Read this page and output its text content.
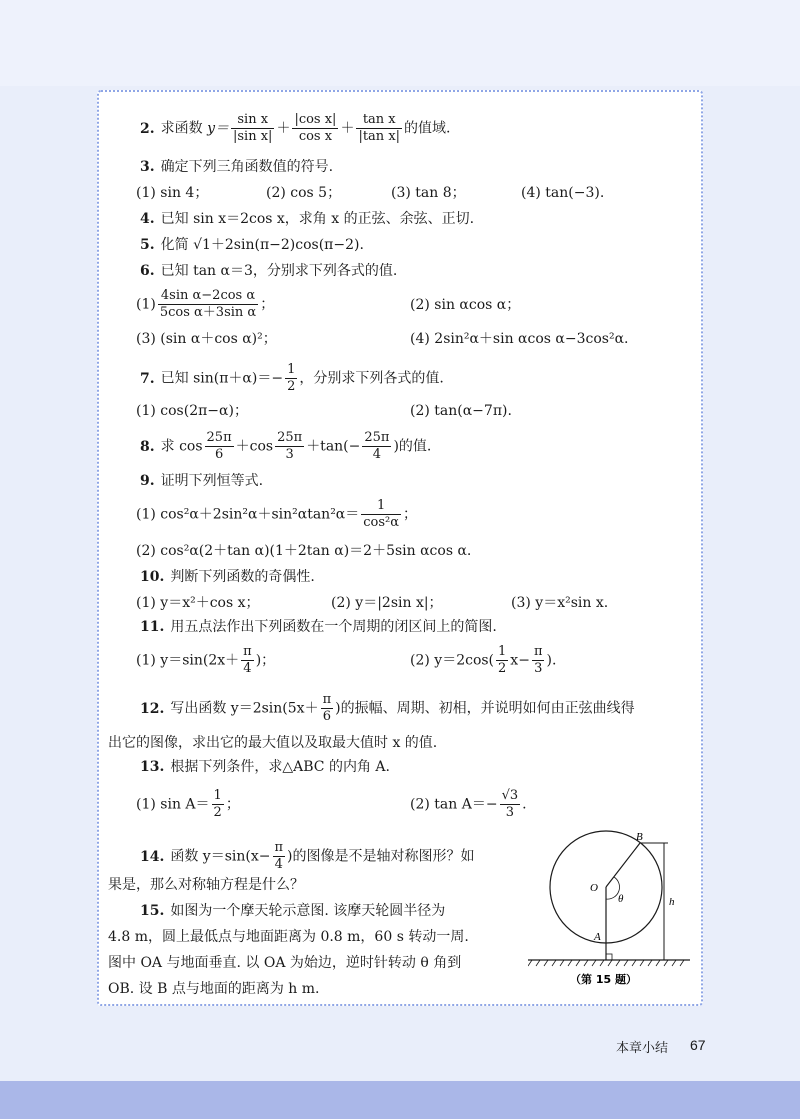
2. 求函数 $y= \frac{\text{sin x}}{\text{|sin x|}} + \frac{\text{|cos x|}}{\text{cos x}} + \frac{\text{tan x}}{\text{|tan x|}}$ 的值域.
3. 确定下列三角函数值的符号.
(1) sin 4；	(2) cos 5；	(3) tan 8；	(4) tan(−3).
4. 已知 sin x＝2cos x，求角 x 的正弦、余弦、正切.
5. 化简 √1＋2sin(π−2)cos(π−2).
6. 已知 tan α＝3，分别求下列各式的值.
$(1) \frac{\text{4sin α−2cos α}}{\text{5cos α＋3sin α}}$ ；	(2) sin αcos α；
(3) (sin α＋cos α)²；	(4) 2sin²α＋sin αcos α−3cos²α.
7. 已知 $\sin(\pi+\alpha)=- \frac{1}{2}$ ，分别求下列各式的值.
(1) cos(2π−α)；	(2) tan(α−7π).
8. 求 $\cos \frac{25\pi}{6} +\cos \frac{25\pi}{3} +\tan(- \frac{25\pi}{4}$ )的值.
9. 证明下列恒等式.
(1) $\cos^2\alpha+2\sin^2\alpha+\sin^2\alpha\tan^2\alpha= \frac{1}{\text{cos²α}}$ ；
(2) cos²α(2＋tan α)(1＋2tan α)＝2＋5sin αcos α.
10. 判断下列函数的奇偶性.
(1) y＝x²＋cos x；	(2) y＝|2sin x|；	(3) y＝x²sin x.
11. 用五点法作出下列函数在一个周期的闭区间上的简图.
(1) $y=\sin(2x+ \frac{\pi}{4}$ )；	(2) $y=2\cos( \frac{1}{2} x- \frac{\pi}{3}$ ).
12. 写出函数 $y=2\sin(5x+ \frac{\pi}{6}$ )的振幅、周期、初相，并说明如何由正弦曲线得
出它的图像，求出它的最大值以及取最大值时 x 的值.
13. 根据下列条件，求△ABC 的内角 A.
(1) $\sin A= \frac{1}{2}$ ；	(2) $\tan A=- \frac{√3}{3}$ .
14. 函数 $y=\sin(x- \frac{\pi}{4}$ )的图像是不是轴对称图形？如
果是，那么对称轴方程是什么？
15. 如图为一个摩天轮示意图. 该摩天轮圆半径为
4.8 m，圆上最低点与地面距离为 0.8 m，60 s 转动一周.
图中 OA 与地面垂直. 以 OA 为始边，逆时针转动 θ 角到
OB. 设 B 点与地面的距离为 h m.
B
O
θ
A
h
（第 15 题）
本章小结 67
